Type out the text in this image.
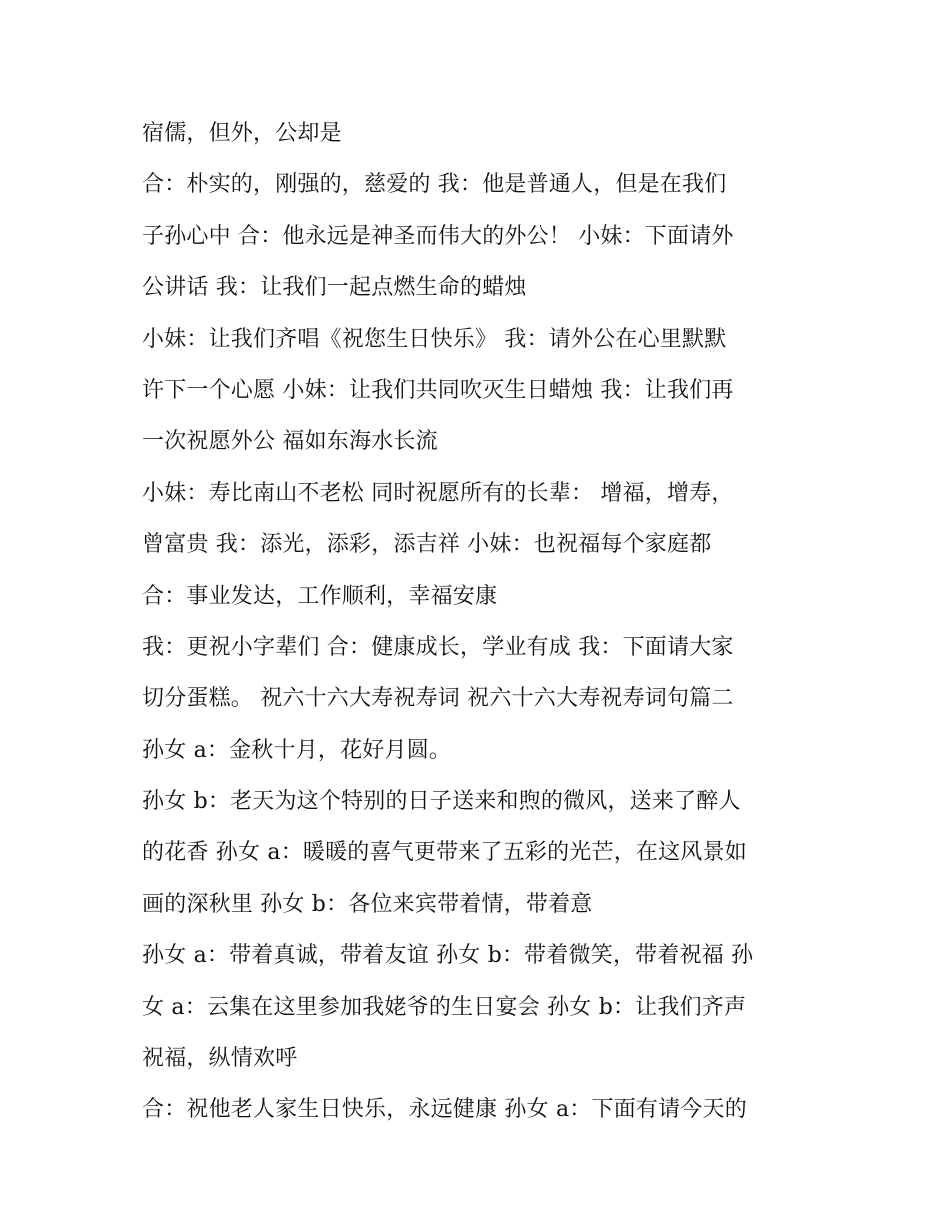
宿儒，但外，公却是
合：朴实的，刚强的，慈爱的 我：他是普通人，但是在我们
子孙心中 合：他永远是神圣而伟大的外公！ 小妹：下面请外
公讲话 我：让我们一起点燃生命的蜡烛
小妹：让我们齐唱《祝您生日快乐》 我：请外公在心里默默
许下一个心愿 小妹：让我们共同吹灭生日蜡烛 我：让我们再
一次祝愿外公 福如东海水长流
小妹：寿比南山不老松 同时祝愿所有的长辈： 增福，增寿，
曾富贵 我：添光，添彩，添吉祥 小妹：也祝福每个家庭都
合：事业发达，工作顺利，幸福安康
我：更祝小字辈们 合：健康成长，学业有成 我：下面请大家
切分蛋糕。 祝六十六大寿祝寿词 祝六十六大寿祝寿词句篇二
孙女 a：金秋十月，花好月圆。
孙女 b：老天为这个特别的日子送来和煦的微风，送来了醉人
的花香 孙女 a：暖暖的喜气更带来了五彩的光芒，在这风景如
画的深秋里 孙女 b：各位来宾带着情，带着意
孙女 a：带着真诚，带着友谊 孙女 b：带着微笑，带着祝福 孙
女 a：云集在这里参加我姥爷的生日宴会 孙女 b：让我们齐声
祝福，纵情欢呼
合：祝他老人家生日快乐，永远健康 孙女 a：下面有请今天的
